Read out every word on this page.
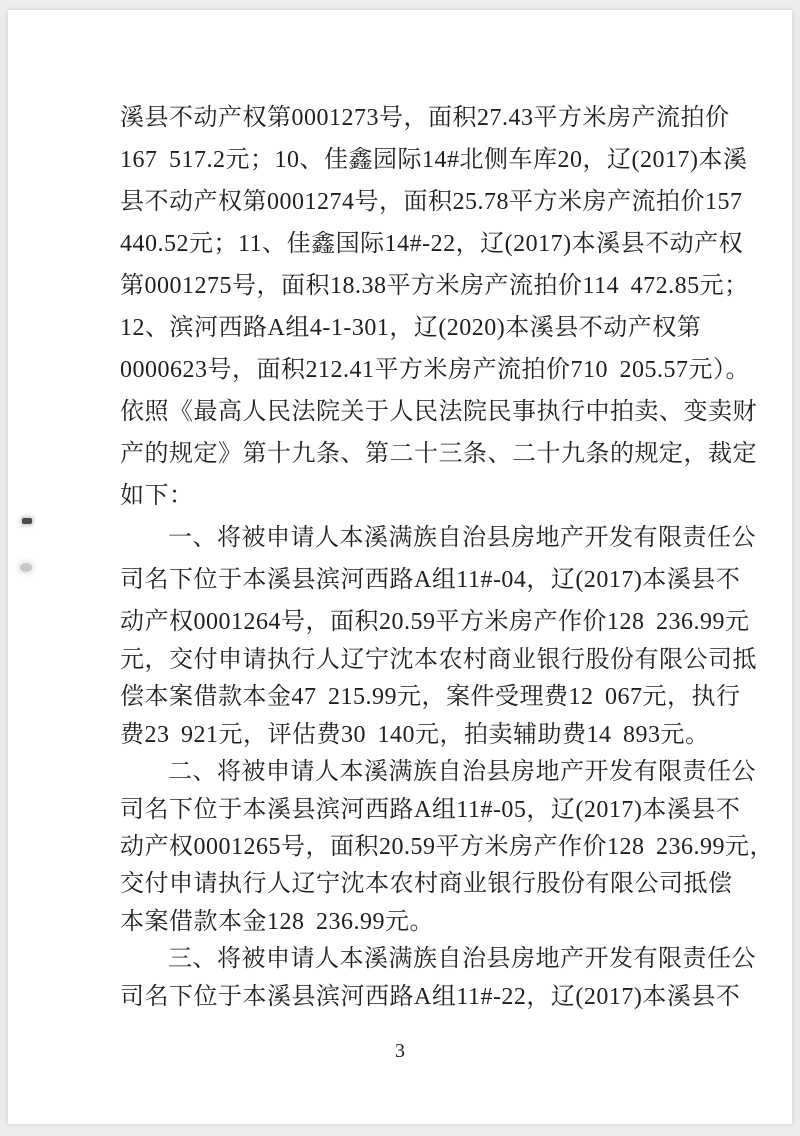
溪县不动产权第0001273号，面积27.43平方米房产流拍价
167 517.2元；10、佳鑫园际14#北侧车库20，辽(2017)本溪
县不动产权第0001274号，面积25.78平方米房产流拍价157
440.52元；11、佳鑫国际14#-22，辽(2017)本溪县不动产权
第0001275号，面积18.38平方米房产流拍价114 472.85元；
12、滨河西路A组4-1-301，辽(2020)本溪县不动产权第
0000623号，面积212.41平方米房产流拍价710 205.57元）。
依照《最高人民法院关于人民法院民事执行中拍卖、变卖财
产的规定》第十九条、第二十三条、二十九条的规定，裁定
如下：
一、将被申请人本溪满族自治县房地产开发有限责任公
司名下位于本溪县滨河西路A组11#-04，辽(2017)本溪县不
动产权0001264号，面积20.59平方米房产作价128 236.99元
元，交付申请执行人辽宁沈本农村商业银行股份有限公司抵
偿本案借款本金47 215.99元，案件受理费12 067元，执行
费23 921元，评估费30 140元，拍卖辅助费14 893元。
二、将被申请人本溪满族自治县房地产开发有限责任公
司名下位于本溪县滨河西路A组11#-05，辽(2017)本溪县不
动产权0001265号，面积20.59平方米房产作价128 236.99元，
交付申请执行人辽宁沈本农村商业银行股份有限公司抵偿
本案借款本金128 236.99元。
三、将被申请人本溪满族自治县房地产开发有限责任公
司名下位于本溪县滨河西路A组11#-22，辽(2017)本溪县不
3
